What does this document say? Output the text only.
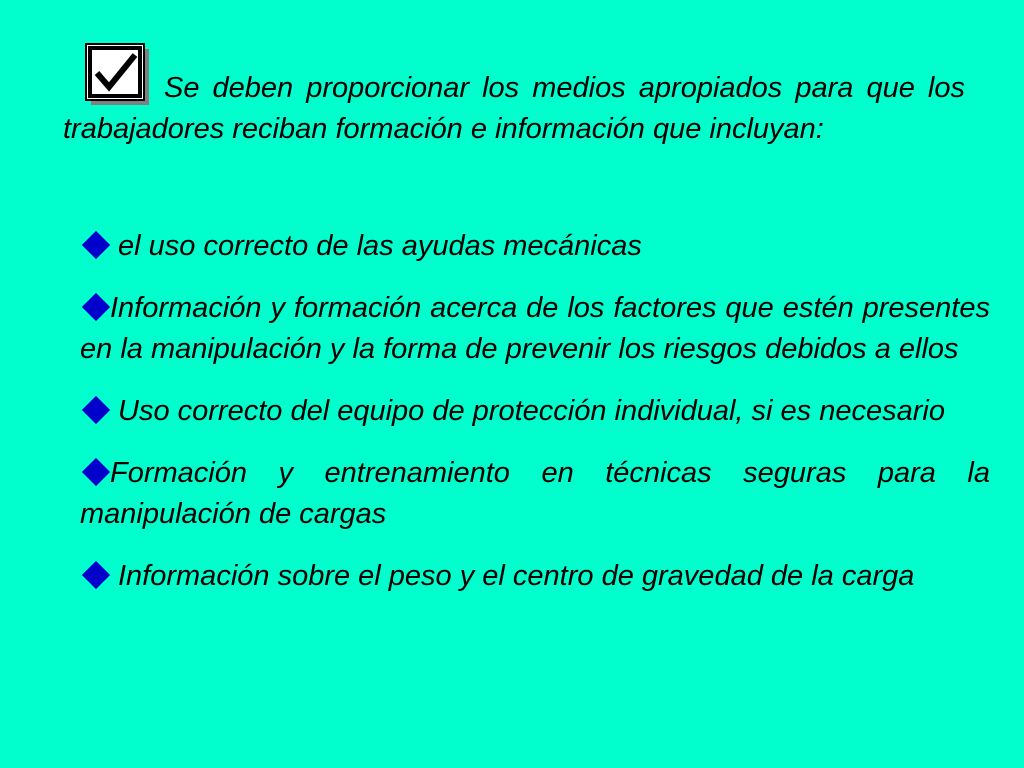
Se deben proporcionar los medios apropiados para que los trabajadores reciban formación e información que incluyan:

el uso correcto de las ayudas mecánicas
Información y formación acerca de los factores que estén presentes en la manipulación y la forma de prevenir los riesgos debidos a ellos
Uso correcto del equipo de protección individual, si es necesario
Formación y entrenamiento en técnicas seguras para la manipulación de cargas
Información sobre el peso y el centro de gravedad de la carga
